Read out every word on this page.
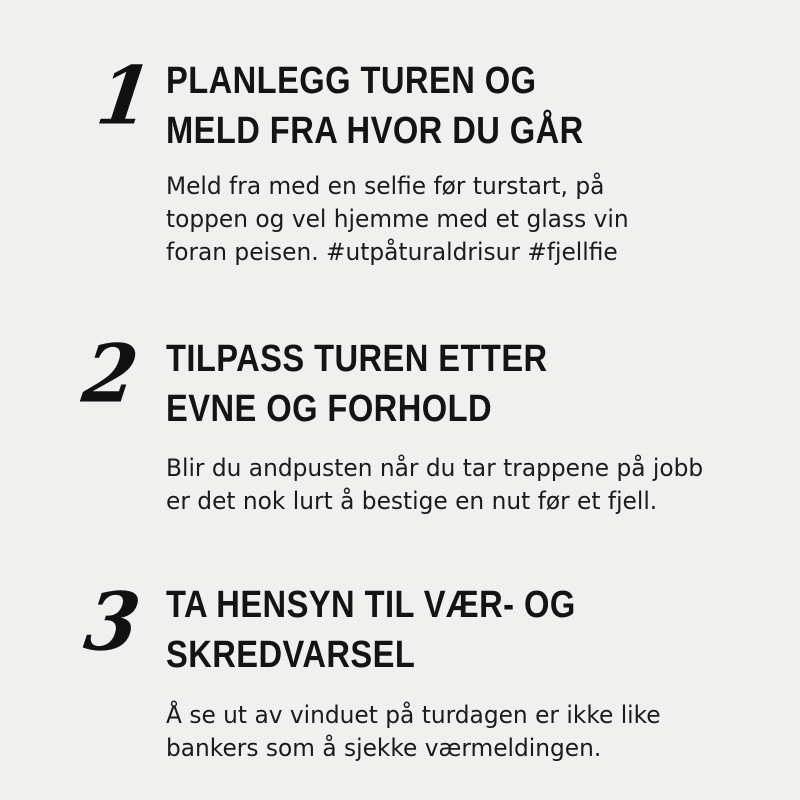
1 PLANLEGG TUREN OG
MELD FRA HVOR DU GÅR

Meld fra med en selfie før turstart, på
toppen og vel hjemme med et glass vin
foran peisen. #utpåturaldrisur #fjellfie

2 TILPASS TUREN ETTER
EVNE OG FORHOLD

Blir du andpusten når du tar trappene på jobb
er det nok lurt å bestige en nut før et fjell.

3 TA HENSYN TIL VÆR- OG
SKREDVARSEL

Å se ut av vinduet på turdagen er ikke like
bankers som å sjekke værmeldingen.
